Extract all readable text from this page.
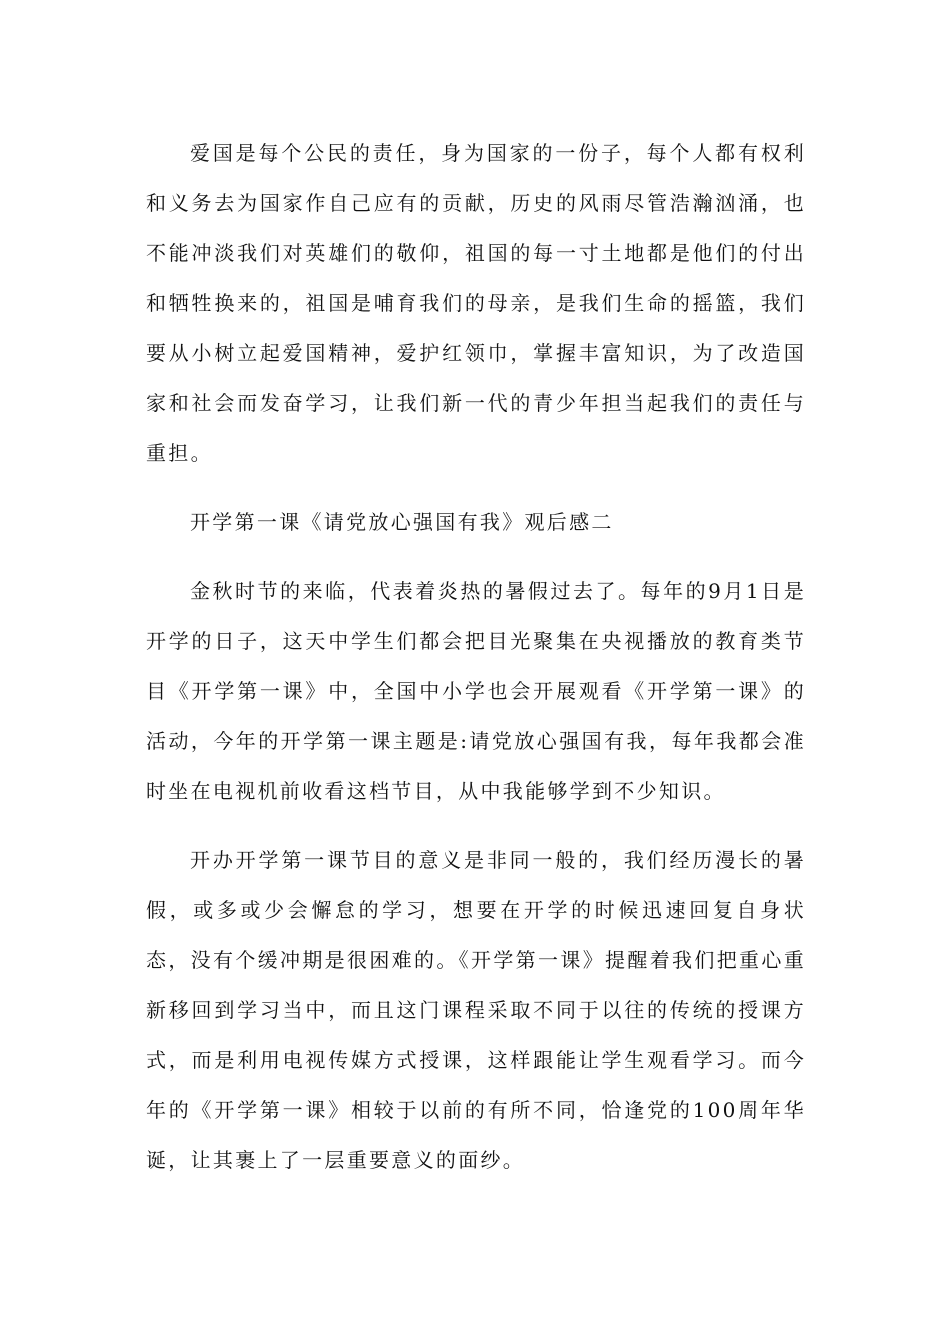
爱国是每个公民的责任，身为国家的一份子，每个人都有权利和义务去为国家作自己应有的贡献，历史的风雨尽管浩瀚汹涌，也不能冲淡我们对英雄们的敬仰，祖国的每一寸土地都是他们的付出和牺牲换来的，祖国是哺育我们的母亲，是我们生命的摇篮，我们要从小树立起爱国精神，爱护红领巾，掌握丰富知识，为了改造国家和社会而发奋学习，让我们新一代的青少年担当起我们的责任与重担。

开学第一课《请党放心强国有我》观后感二

金秋时节的来临，代表着炎热的暑假过去了。每年的9月1日是开学的日子，这天中学生们都会把目光聚集在央视播放的教育类节目《开学第一课》中，全国中小学也会开展观看《开学第一课》的活动，今年的开学第一课主题是:请党放心强国有我，每年我都会准时坐在电视机前收看这档节目，从中我能够学到不少知识。

开办开学第一课节目的意义是非同一般的，我们经历漫长的暑假，或多或少会懈怠的学习，想要在开学的时候迅速回复自身状态，没有个缓冲期是很困难的。《开学第一课》提醒着我们把重心重新移回到学习当中，而且这门课程采取不同于以往的传统的授课方式，而是利用电视传媒方式授课，这样跟能让学生观看学习。而今年的《开学第一课》相较于以前的有所不同，恰逢党的100周年华诞，让其裹上了一层重要意义的面纱。
